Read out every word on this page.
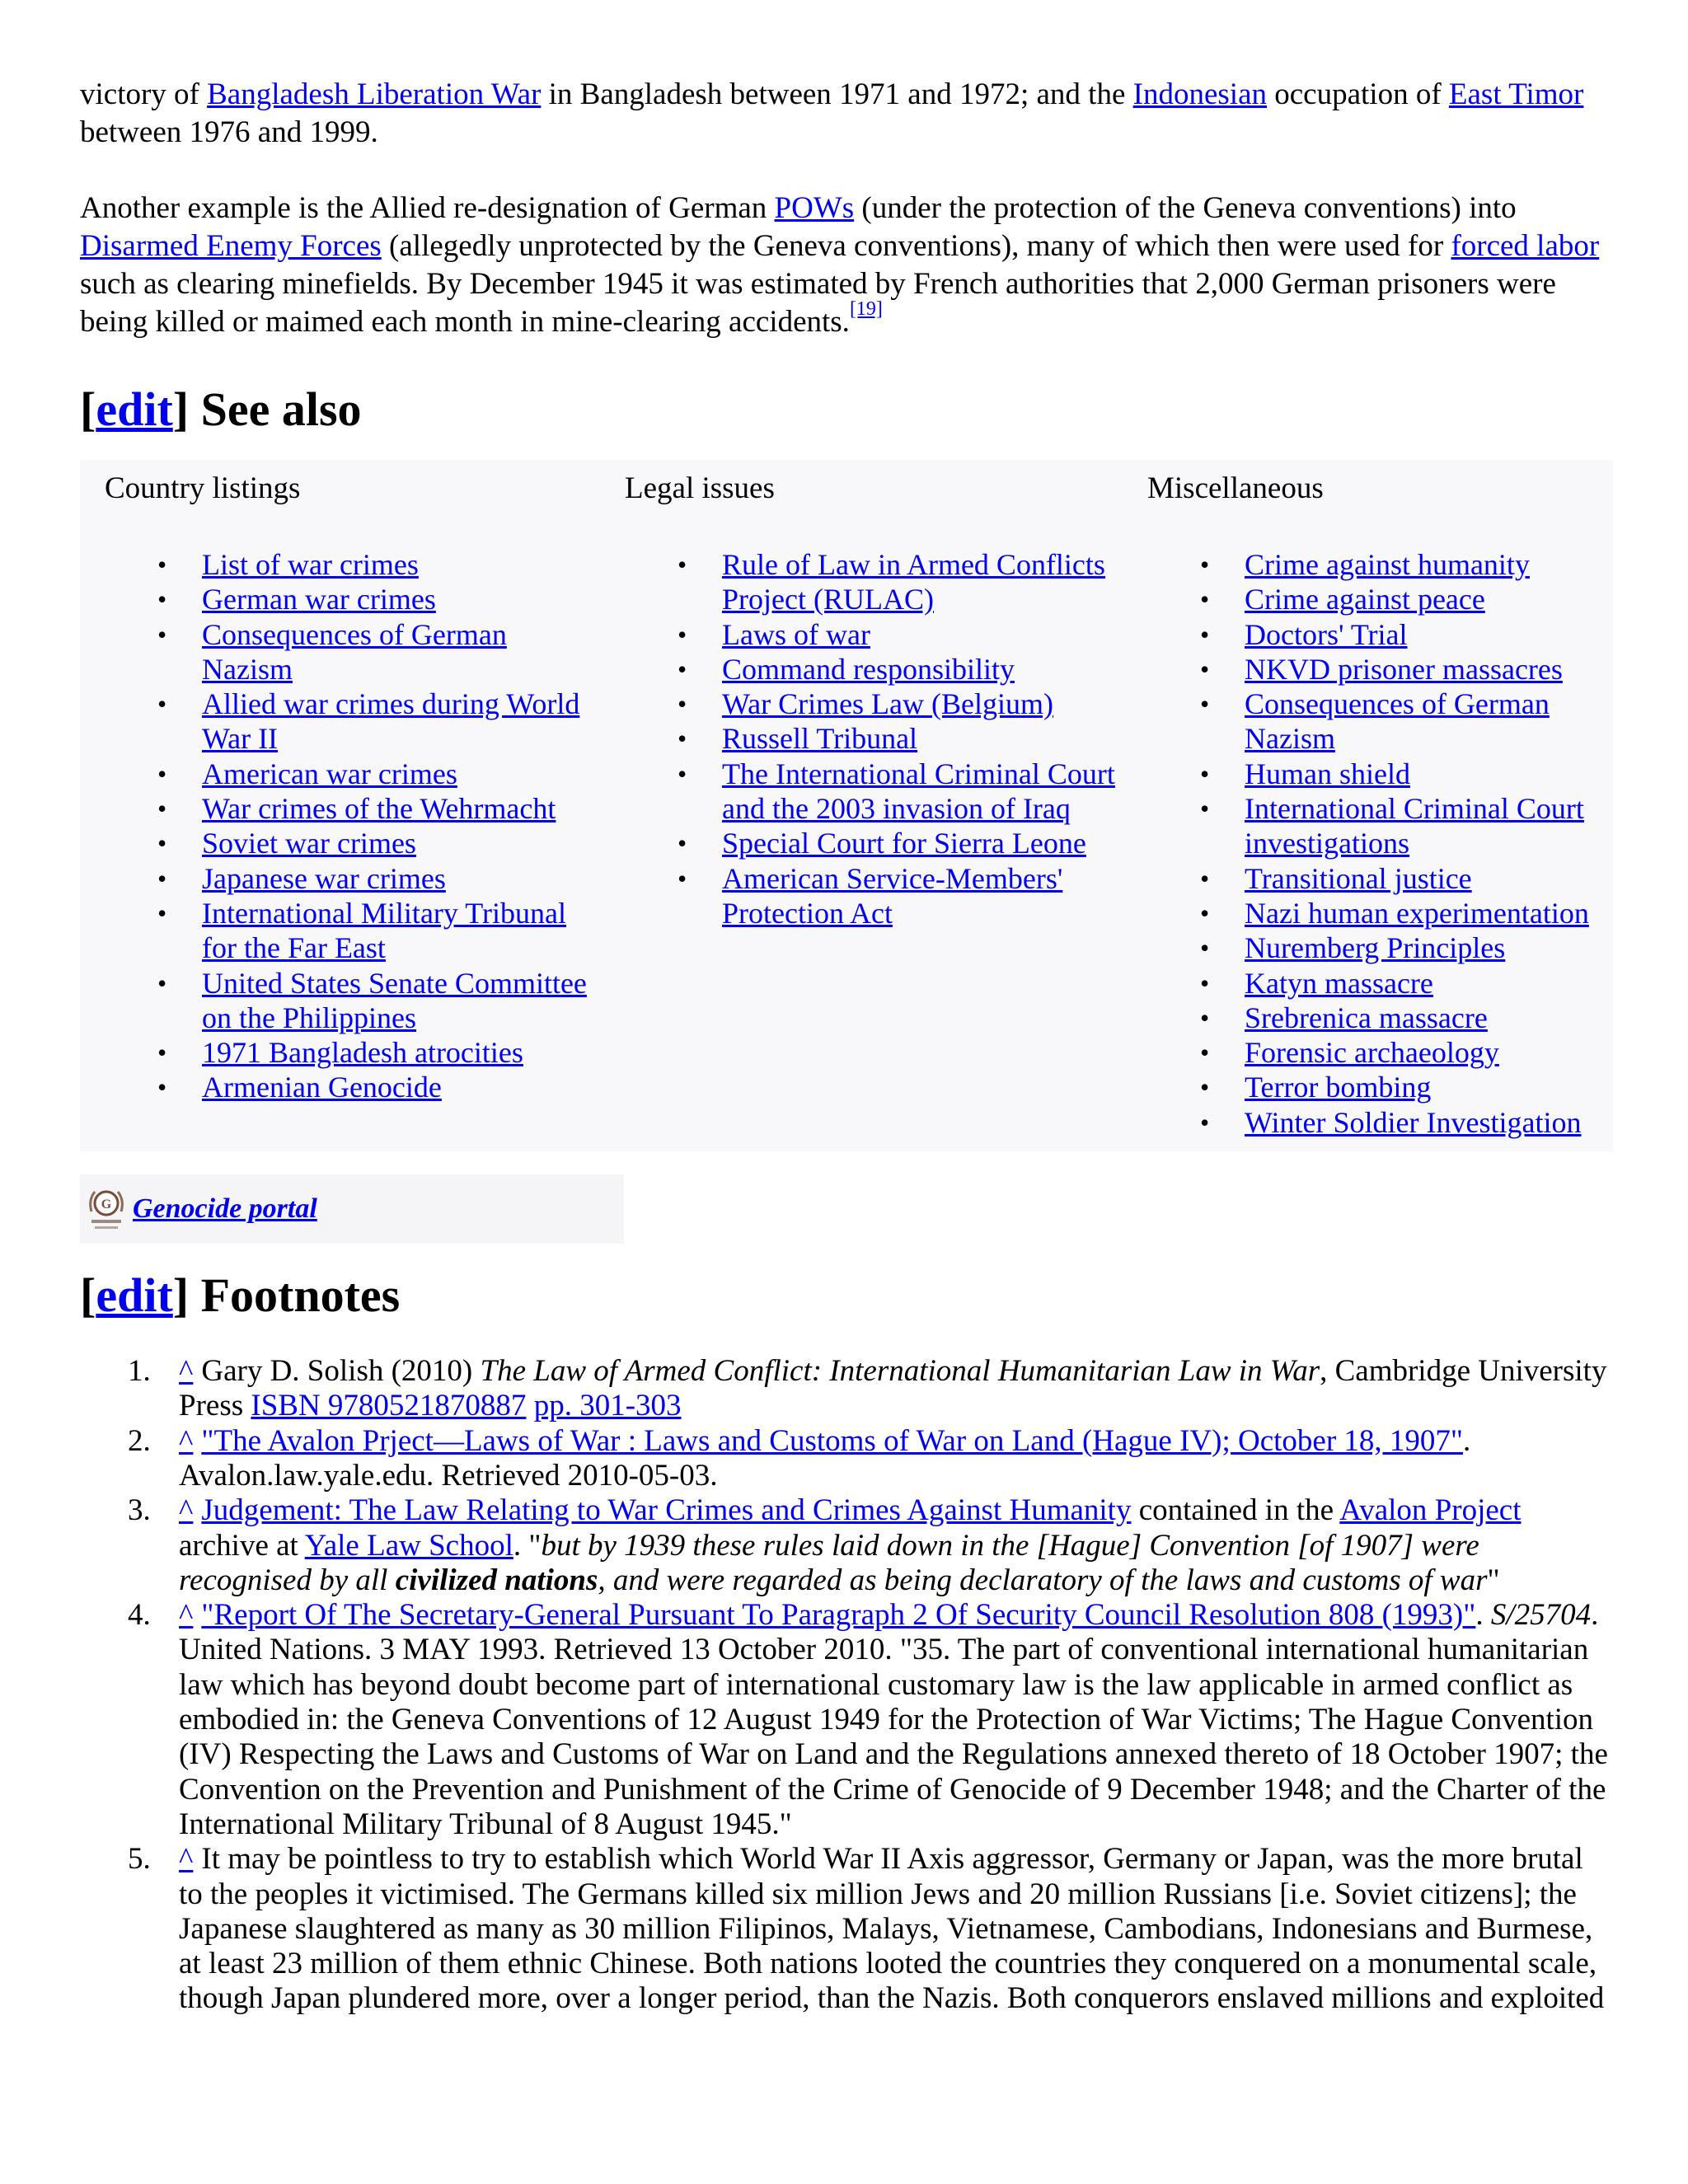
victory of Bangladesh Liberation War in Bangladesh between 1971 and 1972; and the Indonesian occupation of East Timor between 1976 and 1999.

Another example is the Allied re-designation of German POWs (under the protection of the Geneva conventions) into Disarmed Enemy Forces (allegedly unprotected by the Geneva conventions), many of which then were used for forced labor such as clearing minefields. By December 1945 it was estimated by French authorities that 2,000 German prisoners were being killed or maimed each month in mine-clearing accidents.[19]

[edit] See also
Country listings
• List of war crimes
• German war crimes
• Consequences of German Nazism
• Allied war crimes during World War II
• American war crimes
• War crimes of the Wehrmacht
• Soviet war crimes
• Japanese war crimes
• International Military Tribunal for the Far East
• United States Senate Committee on the Philippines
• 1971 Bangladesh atrocities
• Armenian Genocide
Legal issues
• Rule of Law in Armed Conflicts Project (RULAC)
• Laws of war
• Command responsibility
• War Crimes Law (Belgium)
• Russell Tribunal
• The International Criminal Court and the 2003 invasion of Iraq
• Special Court for Sierra Leone
• American Service-Members' Protection Act
Miscellaneous
• Crime against humanity
• Crime against peace
• Doctors' Trial
• NKVD prisoner massacres
• Consequences of German Nazism
• Human shield
• International Criminal Court investigations
• Transitional justice
• Nazi human experimentation
• Nuremberg Principles
• Katyn massacre
• Srebrenica massacre
• Forensic archaeology
• Terror bombing
• Winter Soldier Investigation
G Genocide portal
[edit] Footnotes
1. ^ Gary D. Solish (2010) The Law of Armed Conflict: International Humanitarian Law in War, Cambridge University Press ISBN 9780521870887 pp. 301-303
2. ^ "The Avalon Prject—Laws of War : Laws and Customs of War on Land (Hague IV); October 18, 1907". Avalon.law.yale.edu. Retrieved 2010-05-03.
3. ^ Judgement: The Law Relating to War Crimes and Crimes Against Humanity contained in the Avalon Project archive at Yale Law School. "but by 1939 these rules laid down in the [Hague] Convention [of 1907] were recognised by all civilized nations, and were regarded as being declaratory of the laws and customs of war"
4. ^ "Report Of The Secretary-General Pursuant To Paragraph 2 Of Security Council Resolution 808 (1993)". S/25704. United Nations. 3 MAY 1993. Retrieved 13 October 2010. "35. The part of conventional international humanitarian law which has beyond doubt become part of international customary law is the law applicable in armed conflict as embodied in: the Geneva Conventions of 12 August 1949 for the Protection of War Victims; The Hague Convention (IV) Respecting the Laws and Customs of War on Land and the Regulations annexed thereto of 18 October 1907; the Convention on the Prevention and Punishment of the Crime of Genocide of 9 December 1948; and the Charter of the International Military Tribunal of 8 August 1945."
5. ^ It may be pointless to try to establish which World War II Axis aggressor, Germany or Japan, was the more brutal to the peoples it victimised. The Germans killed six million Jews and 20 million Russians [i.e. Soviet citizens]; the Japanese slaughtered as many as 30 million Filipinos, Malays, Vietnamese, Cambodians, Indonesians and Burmese, at least 23 million of them ethnic Chinese. Both nations looted the countries they conquered on a monumental scale, though Japan plundered more, over a longer period, than the Nazis. Both conquerors enslaved millions and exploited
